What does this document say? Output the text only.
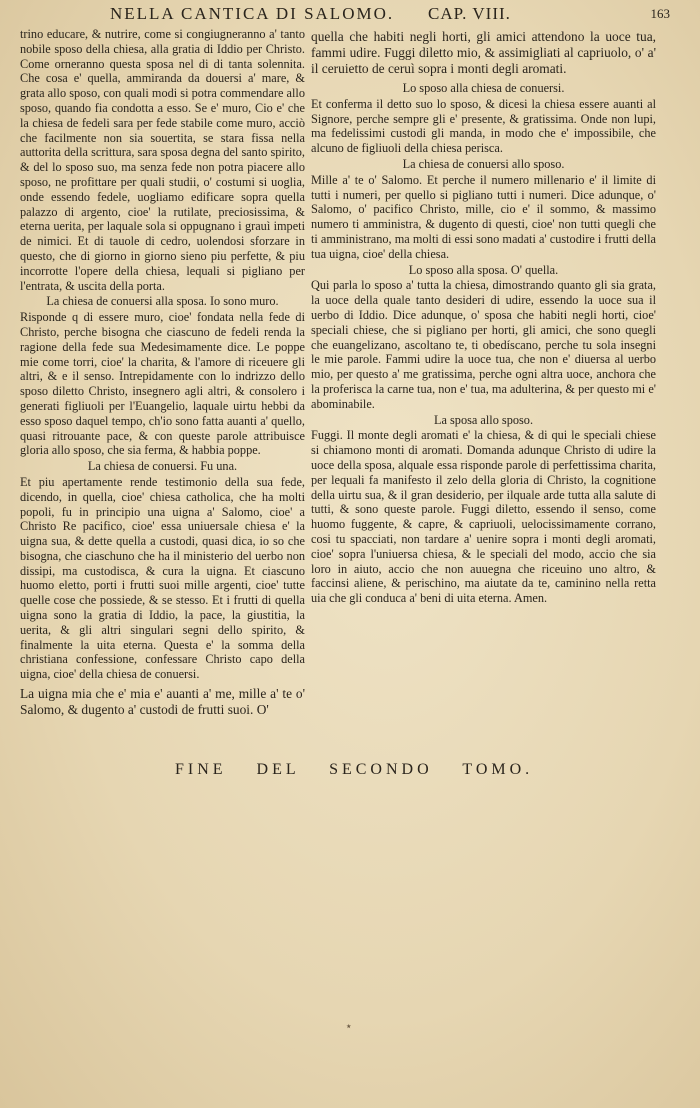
NELLA CANTICA DI SALOMO. CAP. VIII.	163

trino educare, & nutrire, come si congiugneranno a' tanto nobile sposo della chiesa, alla gratia di Iddio per Christo. Come orneranno questa sposa nel di di tanta solennita. Che cosa e' quella, ammiranda da douersi a' mare, & grata allo sposo, con quali modi si potra commendare allo sposo, quando fia condotta a esso. Se e' muro, Cio e' che la chiesa de fedeli sara per fede stabile come muro, acciò che facilmente non sia souertita, se stara fissa nella auttorita della scrittura, sara sposa degna del santo spirito, & del lo sposo suo, ma senza fede non potra piacere allo sposo, ne profittare per quali studii, o' costumi si uoglia, onde essendo fedele, uogliamo edificare sopra quella palazzo di argento, cioe' la rutilate, preciosissima, & eterna uerita, per laquale sola si oppugnano i grauì impeti de nimici. Et di tauole di cedro, uolendosi sforzare in questo, che di giorno in giorno sieno piu perfette, & piu incorrotte l'opere della chiesa, lequali si pigliano per l'entrata, & uscita della porta.

La chiesa de conuersi alla sposa. Io sono muro.

Risponde q di essere muro, cioe' fondata nella fede di Christo, perche bisogna che ciascuno de fedeli renda la ragione della fede sua Medesimamente dice. Le poppe mie come torri, cioe' la charita, & l'amore di riceuere gli altri, & e il senso. Intrepidamente con lo indrizzo dello sposo diletto Christo, insegnero agli altri, & consolero i generati figliuoli per l'Euangelio, laquale uirtu hebbi da esso sposo daquel tempo, ch'io sono fatta auanti a' quello, quasi ritrouante pace, & con queste parole attribuisce gloria allo sposo, che sia ferma, & habbia poppe.

La chiesa de conuersi. Fu una.

Et piu apertamente rende testimonio della sua fede, dicendo, in quella, cioe' chiesa catholica, che ha molti popoli, fu in principio una uigna a' Salomo, cioe' a Christo Re pacifico, cioe' essa uniuersale chiesa e' la uigna sua, & dette quella a custodi, quasi dica, io so che bisogna, che ciaschuno che ha il ministerio del uerbo non dissipi, ma custodisca, & cura la uigna. Et ciascuno huomo eletto, porti i frutti suoi mille argenti, cioe' tutte quelle cose che possiede, & se stesso. Et i frutti di quella uigna sono la gratia di Iddio, la pace, la giustitia, la uerita, & gli altri singulari segni dello spirito, & finalmente la uita eterna. Questa e' la somma della christiana confessione, confessare Christo capo della uigna, cioe' della chiesa de conuersi.

La uigna mia che e' mia e' auanti a' me, mille a' te o' Salomo, & dugento a' custodi de frutti suoi. O'

quella che habiti negli horti, gli amici attendono la uoce tua, fammi udire. Fuggi diletto mio, & assimigliati al capriuolo, o' a' il ceruietto de ceruì sopra i monti degli aromati.

Lo sposo alla chiesa de conuersi.

Et conferma il detto suo lo sposo, & dicesi la chiesa essere auanti al Signore, perche sempre gli e' presente, & gratissima. Onde non lupi, ma fedelissimi custodi gli manda, in modo che e' impossibile, che alcuno de figliuoli della chiesa perisca.

La chiesa de conuersi allo sposo.

Mille a' te o' Salomo. Et perche il numero millenario e' il limite di tutti i numeri, per quello si pigliano tutti i numeri. Dice adunque, o' Salomo, o' pacifico Christo, mille, cio e' il sommo, & massimo numero ti amministra, & dugento di questi, cioe' non tutti quegli che ti amministrano, ma molti di essi sono madati a' custodire i frutti della tua uigna, cioe' della chiesa.

Lo sposo alla sposa. O' quella.

Qui parla lo sposo a' tutta la chiesa, dimostrando quanto gli sia grata, la uoce della quale tanto desideri di udire, essendo la uoce sua il uerbo di Iddio. Dice adunque, o' sposa che habiti negli horti, cioe' speciali chiese, che si pigliano per horti, gli amici, che sono quegli che euangelizano, ascoltano te, ti obedíscano, perche tu sola insegni le mie parole. Fammi udire la uoce tua, che non e' diuersa al uerbo mio, per questo a' me gratissima, perche ogni altra uoce, anchora che la proferisca la carne tua, non e' tua, ma adulterina, & per questo mi e' abominabile.

La sposa allo sposo.

Fuggi. Il monte degli aromati e' la chiesa, & di qui le speciali chiese si chiamono monti di aromati. Domanda adunque Christo di udire la uoce della sposa, alquale essa risponde parole di perfettissima charita, per lequali fa manifesto il zelo della gloria di Christo, la cognitione della uirtu sua, & il gran desiderio, per ilquale arde tutta alla salute di tutti, & sono queste parole. Fuggi diletto, essendo il senso, come huomo fuggente, & capre, & capriuoli, uelocissimamente corrano, cosi tu spacciati, non tardare a' uenire sopra i monti degli aromati, cioe' sopra l'uniuersa chiesa, & le speciali del modo, accio che sia loro in aiuto, accio che non auuegna che riceuino uno altro, & faccinsi aliene, & perischino, ma aiutate da te, caminino nella retta uia che gli conduca a' beni di uita eterna. Amen.

FINE DEL SECONDO TOMO.
⋆
